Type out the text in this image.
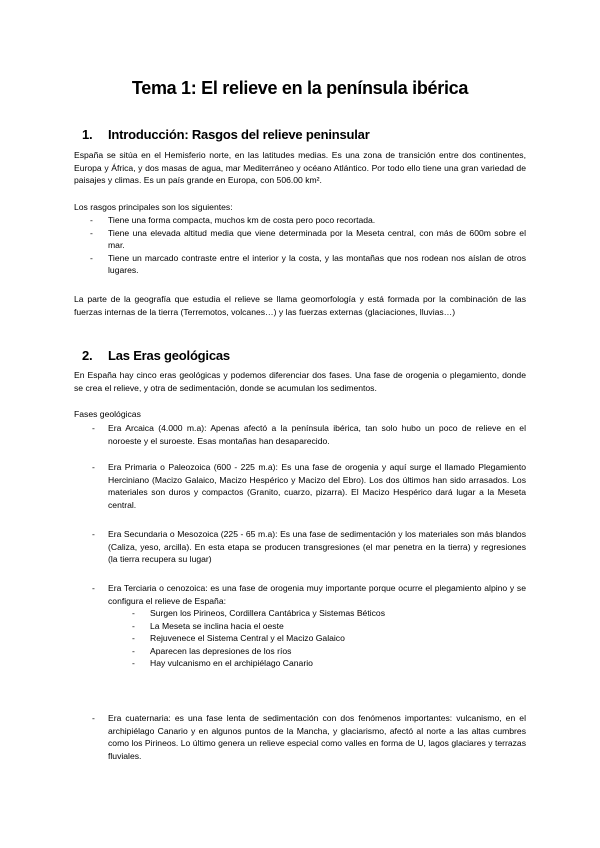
Tema 1: El relieve en la península ibérica
1. Introducción: Rasgos del relieve peninsular

España se sitúa en el Hemisferio norte, en las latitudes medias. Es una zona de transición entre dos continentes, Europa y África, y dos masas de agua, mar Mediterráneo y océano Atlántico. Por todo ello tiene una gran variedad de paisajes y climas. Es un país grande en Europa, con 506.00 km².

Los rasgos principales son los siguientes:

- Tiene una forma compacta, muchos km de costa pero poco recortada.
- Tiene una elevada altitud media que viene determinada por la Meseta central, con más de 600m sobre el mar.
- Tiene un marcado contraste entre el interior y la costa, y las montañas que nos rodean nos aíslan de otros lugares.

La parte de la geografía que estudia el relieve se llama geomorfología y está formada por la combinación de las fuerzas internas de la tierra (Terremotos, volcanes…) y las fuerzas externas (glaciaciones, lluvias…)

2. Las Eras geológicas

En España hay cinco eras geológicas y podemos diferenciar dos fases. Una fase de orogenia o plegamiento, donde se crea el relieve, y otra de sedimentación, donde se acumulan los sedimentos.

Fases geológicas

- Era Arcaica (4.000 m.a): Apenas afectó a la península ibérica, tan solo hubo un poco de relieve en el noroeste y el suroeste. Esas montañas han desaparecido.
- Era Primaria o Paleozoica (600 - 225 m.a): Es una fase de orogenia y aquí surge el llamado Plegamiento Herciniano (Macizo Galaico, Macizo Hespérico y Macizo del Ebro). Los dos últimos han sido arrasados. Los materiales son duros y compactos (Granito, cuarzo, pizarra). El Macizo Hespérico dará lugar a la Meseta central.
- Era Secundaria o Mesozoica (225 - 65 m.a): Es una fase de sedimentación y los materiales son más blandos (Caliza, yeso, arcilla). En esta etapa se producen transgresiones (el mar penetra en la tierra) y regresiones (la tierra recupera su lugar)
- Era Terciaria o cenozoica: es una fase de orogenia muy importante porque ocurre el plegamiento alpino y se configura el relieve de España:
- Surgen los Pirineos, Cordillera Cantábrica y Sistemas Béticos
- La Meseta se inclina hacia el oeste
- Rejuvenece el Sistema Central y el Macizo Galaico
- Aparecen las depresiones de los ríos
- Hay vulcanismo en el archipiélago Canario
- Era cuaternaria: es una fase lenta de sedimentación con dos fenómenos importantes: vulcanismo, en el archipiélago Canario y en algunos puntos de la Mancha, y glaciarismo, afectó al norte a las altas cumbres como los Pirineos. Lo último genera un relieve especial como valles en forma de U, lagos glaciares y terrazas fluviales.
